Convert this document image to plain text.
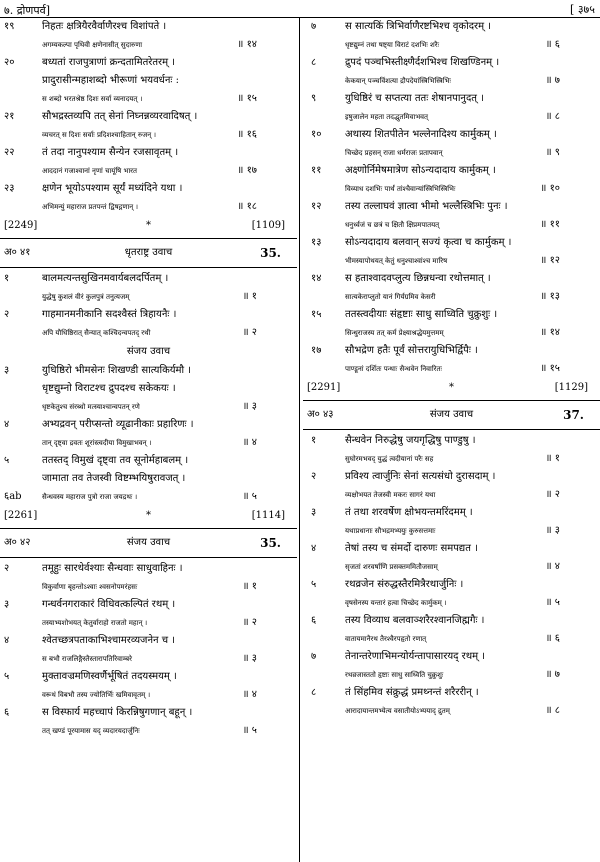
७. द्रोणपर्व]	[ ३७५
१९	निहतः क्षत्रियैरवैर्वाणैरश्च विशांपते ।
अगम्यकल्पा पृथिवी क्षणेनासीत् सुदारुणा	॥ १४
२०	बध्यतां राजपुत्राणां क्रन्दतामितरेतरम् ।
प्रादुरासीन्महाशब्दो भीरूणां भयवर्धनः :
स शब्दो भरतश्रेष्ठ दिशः सर्वा व्यनादयत् ।	॥ १५
२१	सौभद्रस्तव्यपि तत् सेनां निघ्नन्नव्यरवादिषत् ।
व्यचरत् स दिशः सर्वाः प्रदिशश्चाहितान् रुजन् ।	॥ १६
२२	तं तदा नानुपश्याम सैन्येन रजसावृतम् ।
आददानं गजाश्वानां नृणां चायूंषि भारत	॥ १७
२३	क्षणेन भूयोऽपश्याम सूर्यं मध्यंदिने यथा ।
अभिमन्युं महाराज प्रतपन्तं द्विषद्गणान् ।	॥ १८
[2249]	*	[1109]
अ० ४१	धृतराष्ट्र उवाच	35.
१	बालमत्यन्तसुखिनमवार्यबलदर्पितम् ।
युद्धेषु कुशलं वीरं कुलपुत्रं तनुत्यजम्	॥ १
२	गाहमानमनीकानि सदश्वैस्तं त्रिहायनैः ।
अपि यौधिष्ठिरात् सैन्यात् कश्चिदन्वपतद् रथी	॥ २
संजय उवाच
३	युधिष्ठिरो भीमसेनः शिखण्डी सात्यकिर्यमौ ।
धृष्टद्युम्नो विराटश्च द्रुपदश्च सकेकयः ।
धृष्टकेतुश्च संरब्धो मत्स्याश्चान्वपतन् रणे	॥ ३
४	अभ्यद्रवन् परीप्सन्तो व्यूढानीकाः प्रहारिणः ।
तान् दृष्ट्वा द्रवतः शूरांस्त्वदीया विमुखाभवन् ।	॥ ४
५	ततस्तद् विमुखं दृष्ट्वा तव सूनोर्महाबलम् ।
जामाता तव तेजस्वी विष्टम्भयिषुरावजत् ।
६ab	सैन्धवस्य महाराज पुत्रो राजा जयद्रथः ।	॥ ५
[2261]	*	[1114]
अ० ४२	संजय उवाच	35.
२	तमूहुः सारथेर्वश्याः सैन्धवाः साधुवाहिनः ।
विकुर्वाणा बृहन्तोऽश्वाः श्वसनोपमरंहसः	॥ १
३	गन्धर्वनगराकारं विधिवत्कल्पितं रथम् ।
तस्याभ्यशोभयत् केतुर्वाराहो राजतो महान् ।	॥ २
४	श्वेतच्छत्रपताकाभिश्चामरव्यजनेन च ।
स बभौ राजलिङ्गैस्तैस्तारापतिरिवाम्बरे	॥ ३
५	मुक्तावज्रमणिस्वर्णैर्भूषितं तदयस्मयम् ।
वरूथं विबभौ तस्य ज्योतिर्भिः खमिवावृतम् ।	॥ ४
६	स विस्फार्य महच्चापं किरन्निषुगणान् बहून् ।
तत् खण्डं पूरयामास यद् व्यदारयदार्जुनिः	॥ ५
७	स सात्यकिं त्रिभिर्वाणैरष्टभिश्च वृकोदरम् ।
धृष्टद्युम्नं तथा षष्ट्या विराटं दशभिः शरैः	॥ ६
८	द्रुपदं पञ्चभिस्तीक्ष्णैर्दशभिश्च शिखण्डिनम् ।
केकयान् पञ्चविंशत्या द्रौपदेयांस्त्रिभिस्त्रिभिः	॥ ७
९	युधिष्ठिरं च सप्तत्या ततः शेषानपानुदत् ।
इषुजालेन महता तदद्भुतमिवाभवत्	॥ ८
१०	अथास्य शितपीतेन भल्लेनादिश्य कार्मुकम् ।
चिच्छेद प्रहसन् राजा धर्मराजः प्रतापवान्	॥ ९
११	अक्ष्णोर्निमेषमात्रेण सोऽन्यदादाय कार्मुकम् ।
विव्याध दशभिः पार्थं तांश्चैवान्यांस्त्रिभिस्त्रिभिः	॥ १०
१२	तस्य तल्लाघवं ज्ञात्वा भीमो भल्लैस्त्रिभिः पुनः ।
धनुर्ध्वजं च छत्रं च क्षितौ क्षिप्रमपातयत्	॥ ११
१३	सोऽन्यदादाय बलवान् सज्यं कृत्वा च कार्मुकम् ।
भीमस्यापोथयत् केतुं धनुश्चाश्वांश्च मारिष	॥ १२
१४	स हताश्वादवप्लुत्य छिन्नधन्वा रथोत्तमात् ।
सात्यकेराप्लुतो यानं गिर्यग्रमिव केसरी	॥ १३
१५	ततस्त्वदीयाः संहृष्टाः साधु साध्विति चुक्रुशुः ।
सिन्धुराजस्य तत् कर्म प्रेक्ष्याश्रद्धेयमुत्तमम्	॥ १४
१७	सौभद्रेण हतैः पूर्वं सोत्तरायुधिभिर्द्विपैः ।
पाण्डूनां दर्शितः पन्थाः सैन्धवेन निवारितः	॥ १५
[2291]	*	[1129]
अ० ४३	संजय उवाच	37.
१	सैन्धवेन निरुद्धेषु जयगृद्धिषु पाण्डुषु ।
सुघोरमभवद् युद्धं त्वदीयानां परैः सह	॥ १
२	प्रविश्य त्वार्जुनिः सेनां सत्यसंधो दुरासदाम् ।
व्यक्षोभयत तेजस्वी मकरः सागरं यथा	॥ २
३	तं तथा शरवर्षेण क्षोभयन्तमरिंदमम् ।
यथाप्रधानाः सौभद्रमभ्ययुः कुरुसत्तमाः	॥ ३
४	तेषां तस्य च संमर्दो दारुणः समपद्यत ।
सृजतां शरवर्षाणि प्रसक्तममितौजसाम्	॥ ४
५	रथव्रजेन संरुद्धस्तैरमित्रैरथार्जुनिः ।
वृषसेनस्य यन्तारं हत्वा चिच्छेद कार्मुकम् ।	॥ ५
६	तस्य विव्याध बलवाञ्शरैरश्वानजिह्मगैः ।
वातायमानैरथ तैरश्वैरपहृतो रणात्	॥ ६
७	तेनान्तरेणाभिमन्योर्यन्तापासारयद् रथम् ।
रथव्रजास्ततो हृष्टाः साधु साध्विति चुक्रुशुः	॥ ७
८	तं सिंहमिव संक्रुद्धं प्रमथ्नन्तं शरैररीन् ।
आरादायान्तमभ्येत्य वसातीयोऽभ्ययाद् द्रुतम्	॥ ८
